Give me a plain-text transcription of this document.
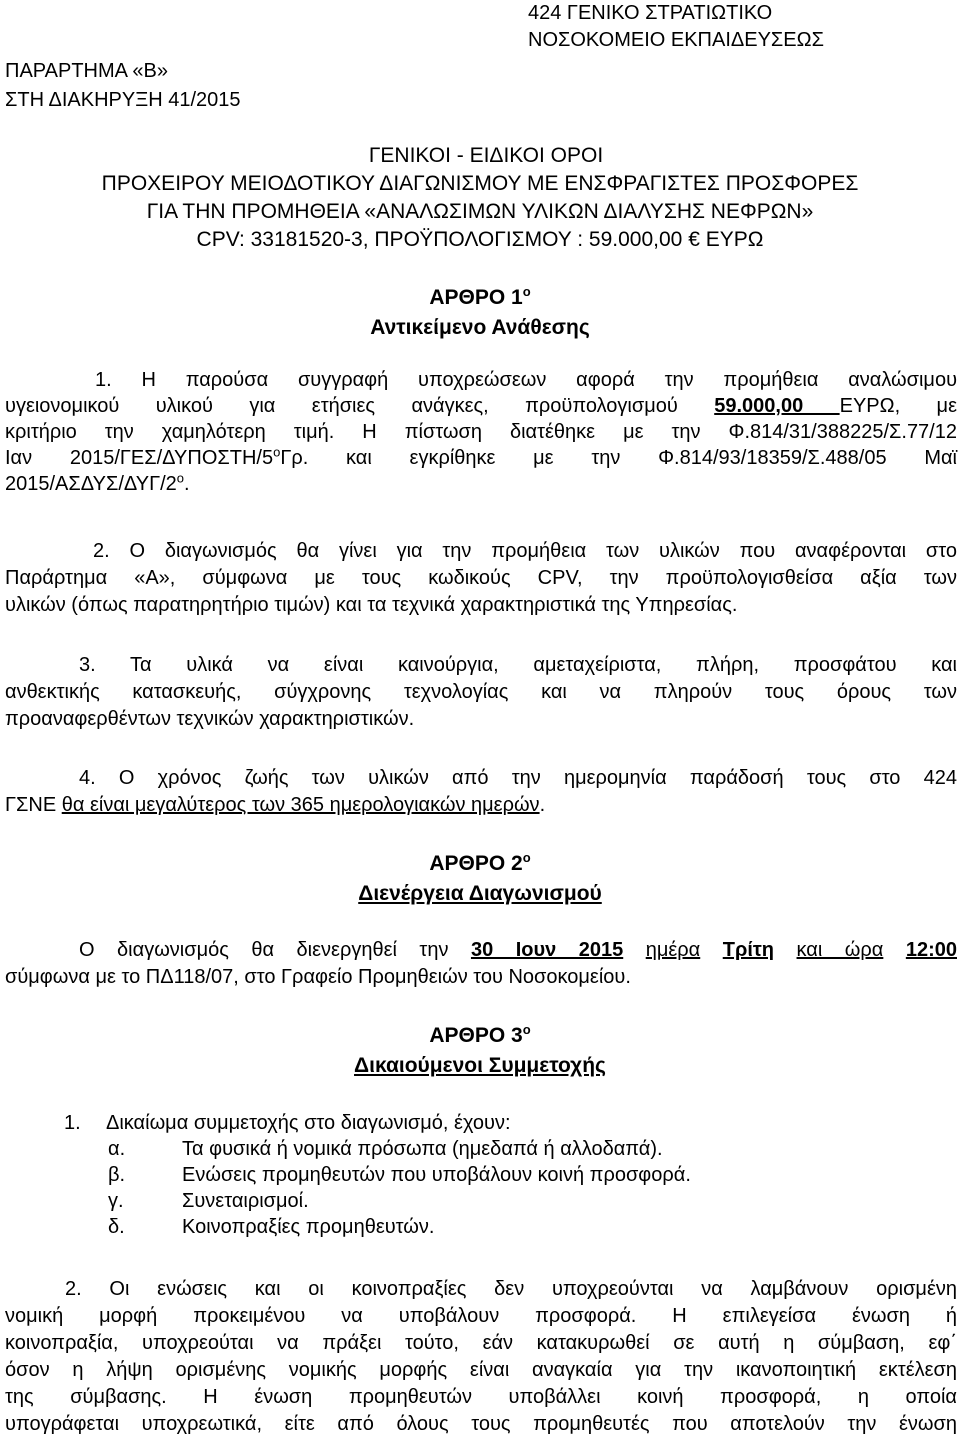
424 ΓΕΝΙΚΟ ΣΤΡΑΤΙΩΤΙΚΟ
ΝΟΣΟΚΟΜΕΙΟ ΕΚΠΑΙΔΕΥΣΕΩΣ
ΠΑΡΑΡΤΗΜΑ «Β»
ΣΤΗ ΔΙΑΚΗΡΥΞΗ 41/2015
ΓΕΝΙΚΟΙ - ΕΙΔΙΚΟΙ ΟΡΟΙ
ΠΡΟΧΕΙΡΟΥ ΜΕΙΟΔΟΤΙΚΟΥ ΔΙΑΓΩΝΙΣΜΟΥ ΜΕ ΕΝΣΦΡΑΓΙΣΤΕΣ ΠΡΟΣΦΟΡΕΣ
ΓΙΑ ΤΗΝ ΠΡΟΜΗΘΕΙΑ «ΑΝΑΛΩΣΙΜΩΝ ΥΛΙΚΩΝ ΔΙΑΛΥΣΗΣ ΝΕΦΡΩΝ»
CPV: 33181520-3, ΠΡΟΫΠΟΛΟΓΙΣΜΟΥ : 59.000,00 € ΕΥΡΩ
ΑΡΘΡΟ $1^o$
Αντικείμενο Ανάθεσης
1. Η παρούσα συγγραφή υποχρεώσεων αφορά την προμήθεια αναλώσιμου
υγειονομικού υλικού για ετήσιες ανάγκες, προϋπολογισμού 59.000,00 ΕΥΡΩ, με
κριτήριο την χαμηλότερη τιμή. Η πίστωση διατέθηκε με την Φ.814/31/388225/Σ.77/12
Ιαν $2015/\Gamma E\Sigma/\Delta\Upsilon\Pi O\Sigma TH/5^o\Gamma\rho$. και εγκρίθηκε με την Φ.814/93/18359/Σ.488/05 Μαϊ
$2015/A\Sigma\Delta\Upsilon\Sigma/\Delta\Upsilon\Gamma/2^o$.
2. Ο διαγωνισμός θα γίνει για την προμήθεια των υλικών που αναφέρονται στο
Παράρτημα «Α», σύμφωνα με τους κωδικούς CPV, την προϋπολογισθείσα αξία των
υλικών (όπως παρατηρητήριο τιμών) και τα τεχνικά χαρακτηριστικά της Υπηρεσίας.
3. Τα υλικά να είναι καινούργια, αμεταχείριστα, πλήρη, προσφάτου και
ανθεκτικής κατασκευής, σύγχρονης τεχνολογίας και να πληρούν τους όρους των
προαναφερθέντων τεχνικών χαρακτηριστικών.
4. Ο χρόνος ζωής των υλικών από την ημερομηνία παράδοσή τους στο 424
ΓΣΝΕ θα είναι μεγαλύτερος των 365 ημερολογιακών ημερών.
ΑΡΘΡΟ $2^o$
Διενέργεια Διαγωνισμού
Ο διαγωνισμός θα διενεργηθεί την 30 Ιουν 2015 ημέρα Τρίτη και ώρα 12:00
σύμφωνα με το ΠΔ118/07, στο Γραφείο Προμηθειών του Νοσοκομείου.
ΑΡΘΡΟ $3^o$
Δικαιούμενοι Συμμετοχής
1.	Δικαίωμα συμμετοχής στο διαγωνισμό, έχουν:
α.	Τα φυσικά ή νομικά πρόσωπα (ημεδαπά ή αλλοδαπά).
β.	Ενώσεις προμηθευτών που υποβάλουν κοινή προσφορά.
γ.	Συνεταιρισμοί.
δ.	Κοινοπραξίες προμηθευτών.
2. Οι ενώσεις και οι κοινοπραξίες δεν υποχρεούνται να λαμβάνουν ορισμένη
νομική μορφή προκειμένου να υποβάλουν προσφορά. Η επιλεγείσα ένωση ή
κοινοπραξία, υποχρεούται να πράξει τούτο, εάν κατακυρωθεί σε αυτή η σύμβαση, εφ΄
όσον η λήψη ορισμένης νομικής μορφής είναι αναγκαία για την ικανοποιητική εκτέλεση
της σύμβασης. Η ένωση προμηθευτών υποβάλλει κοινή προσφορά, η οποία
υπογράφεται υποχρεωτικά, είτε από όλους τους προμηθευτές που αποτελούν την ένωση
